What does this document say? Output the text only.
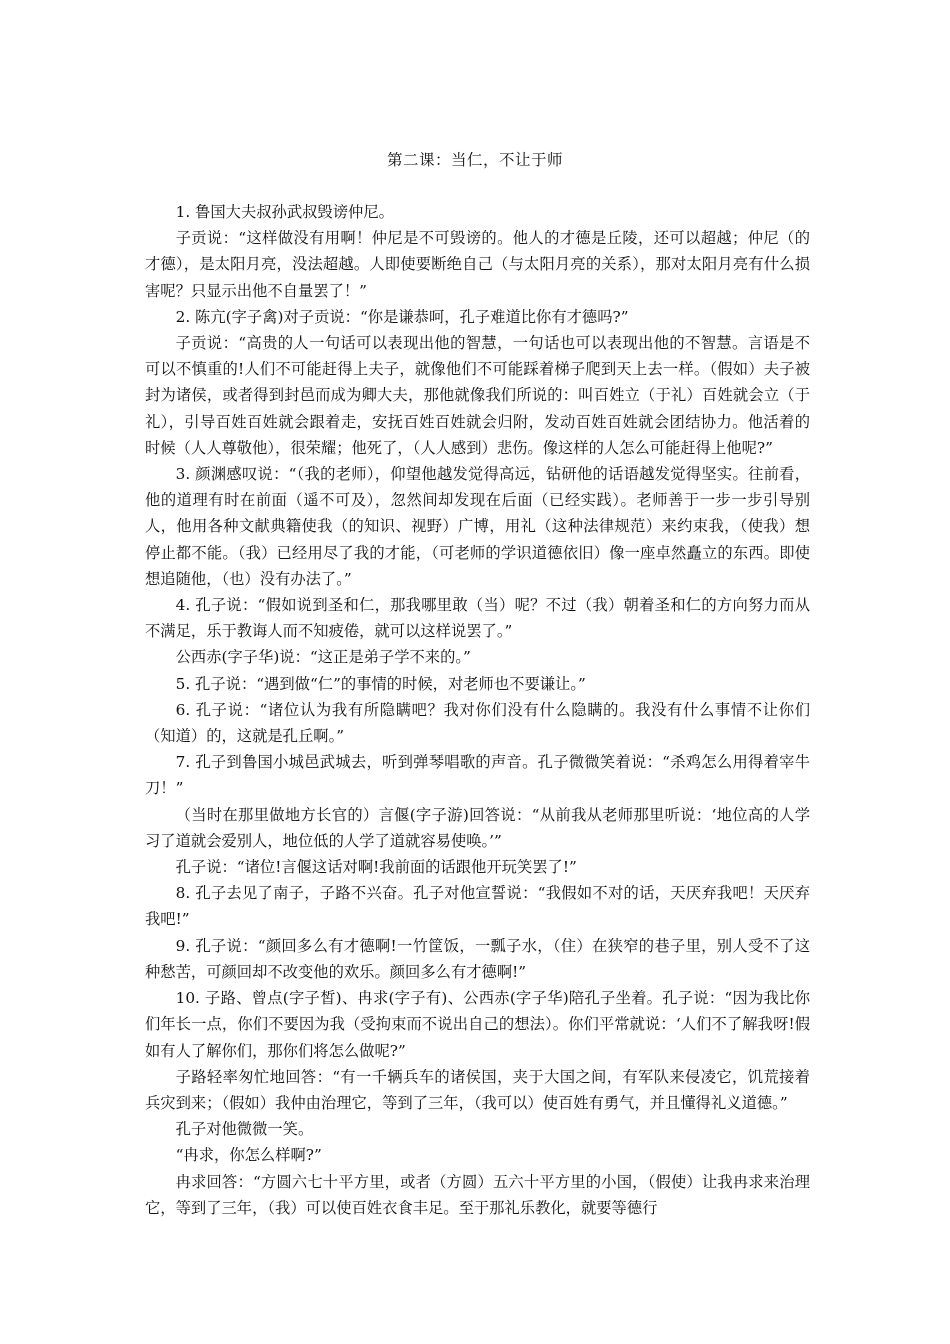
第二课：当仁，不让于师

1. 鲁国大夫叔孙武叔毁谤仲尼。

子贡说：“这样做没有用啊！仲尼是不可毁谤的。他人的才德是丘陵，还可以超越；仲尼（的才德），是太阳月亮，没法超越。人即使要断绝自己（与太阳月亮的关系），那对太阳月亮有什么损害呢？只显示出他不自量罢了！”

2. 陈亢(字子禽)对子贡说：“你是谦恭呵，孔子难道比你有才德吗?”

子贡说：“高贵的人一句话可以表现出他的智慧，一句话也可以表现出他的不智慧。言语是不可以不慎重的!人们不可能赶得上夫子，就像他们不可能踩着梯子爬到天上去一样。（假如）夫子被封为诸侯，或者得到封邑而成为卿大夫，那他就像我们所说的：叫百姓立（于礼）百姓就会立（于礼），引导百姓百姓就会跟着走，安抚百姓百姓就会归附，发动百姓百姓就会团结协力。他活着的时候（人人尊敬他），很荣耀；他死了，（人人感到）悲伤。像这样的人怎么可能赶得上他呢?”

3. 颜渊感叹说：“（我的老师），仰望他越发觉得高远，钻研他的话语越发觉得坚实。往前看，他的道理有时在前面（遥不可及），忽然间却发现在后面（已经实践）。老师善于一步一步引导别人，他用各种文献典籍使我（的知识、视野）广博，用礼（这种法律规范）来约束我，（使我）想停止都不能。（我）已经用尽了我的才能，（可老师的学识道德依旧）像一座卓然矗立的东西。即使想追随他，（也）没有办法了。”

4. 孔子说：“假如说到圣和仁，那我哪里敢（当）呢？不过（我）朝着圣和仁的方向努力而从不满足，乐于教诲人而不知疲倦，就可以这样说罢了。”

公西赤(字子华)说：“这正是弟子学不来的。”

5. 孔子说：“遇到做“仁”的事情的时候，对老师也不要谦让。”

6. 孔子说：“诸位认为我有所隐瞒吧？我对你们没有什么隐瞒的。我没有什么事情不让你们（知道）的，这就是孔丘啊。”

7. 孔子到鲁国小城邑武城去，听到弹琴唱歌的声音。孔子微微笑着说：“杀鸡怎么用得着宰牛刀！”

（当时在那里做地方长官的）言偃(字子游)回答说：“从前我从老师那里听说：‘地位高的人学习了道就会爱别人，地位低的人学了道就容易使唤。’”

孔子说：“诸位!言偃这话对啊!我前面的话跟他开玩笑罢了!”

8. 孔子去见了南子，子路不兴奋。孔子对他宣誓说：“我假如不对的话，天厌弃我吧！天厌弃我吧!”

9. 孔子说：“颜回多么有才德啊!一竹筐饭，一瓢子水，（住）在狭窄的巷子里，别人受不了这种愁苦，可颜回却不改变他的欢乐。颜回多么有才德啊!”

10. 子路、曾点(字子皙)、冉求(字子有)、公西赤(字子华)陪孔子坐着。孔子说：“因为我比你们年长一点，你们不要因为我（受拘束而不说出自己的想法）。你们平常就说：‘人们不了解我呀!假如有人了解你们，那你们将怎么做呢?”

子路轻率匆忙地回答：“有一千辆兵车的诸侯国，夹于大国之间，有军队来侵凌它，饥荒接着兵灾到来；（假如）我仲由治理它，等到了三年，（我可以）使百姓有勇气，并且懂得礼义道德。”

孔子对他微微一笑。

“冉求，你怎么样啊?”

冉求回答：“方圆六七十平方里，或者（方圆）五六十平方里的小国，（假使）让我冉求来治理它，等到了三年，（我）可以使百姓衣食丰足。至于那礼乐教化，就要等德行
